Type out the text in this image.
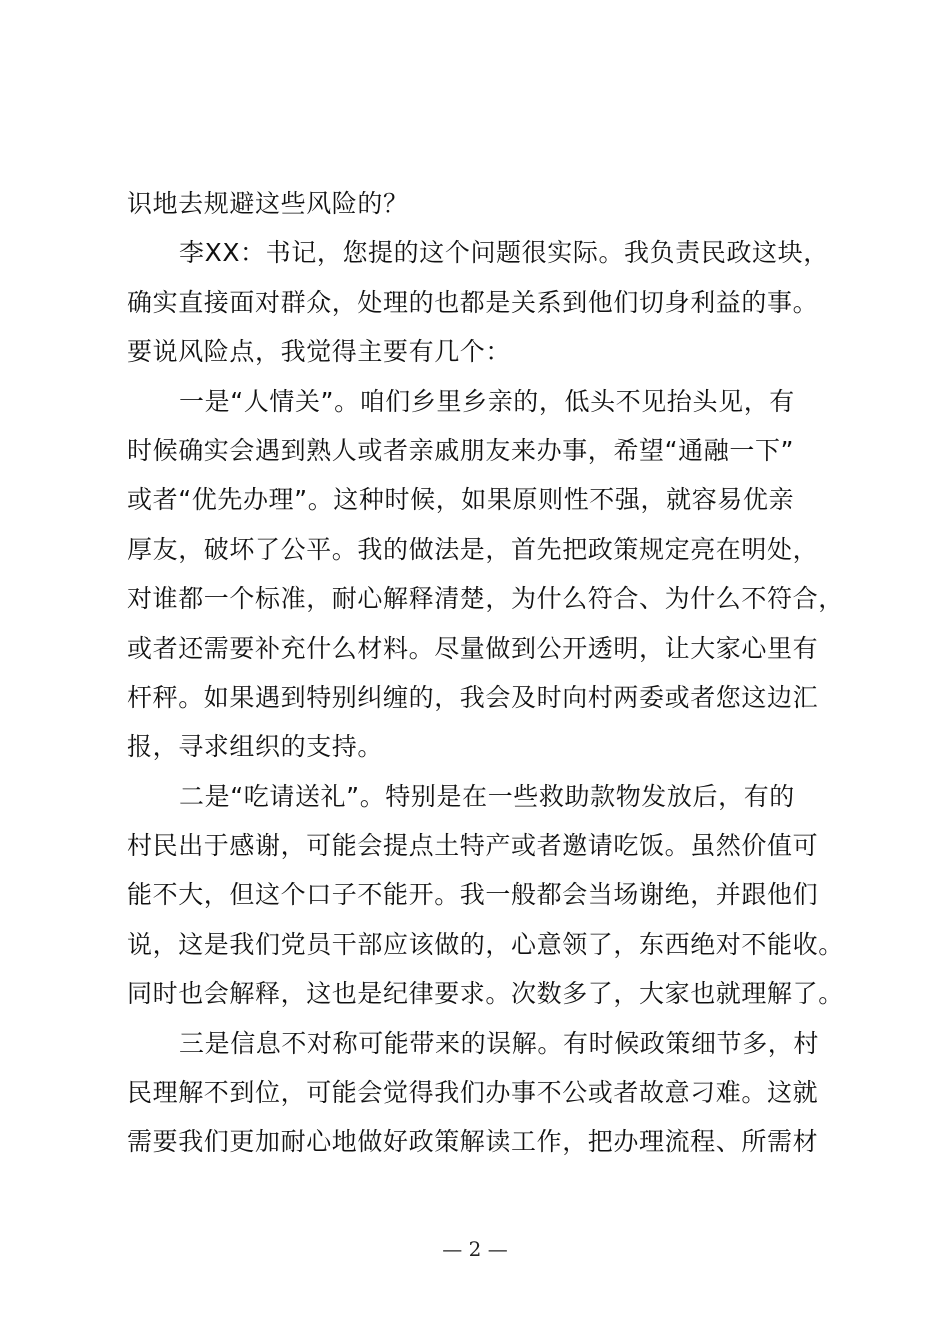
识地去规避这些风险的？
李XX：书记，您提的这个问题很实际。我负责民政这块，
确实直接面对群众，处理的也都是关系到他们切身利益的事。
要说风险点，我觉得主要有几个：
一是“人情关”。咱们乡里乡亲的，低头不见抬头见，有
时候确实会遇到熟人或者亲戚朋友来办事，希望“通融一下”
或者“优先办理”。这种时候，如果原则性不强，就容易优亲
厚友，破坏了公平。我的做法是，首先把政策规定亮在明处，
对谁都一个标准，耐心解释清楚，为什么符合、为什么不符合，
或者还需要补充什么材料。尽量做到公开透明，让大家心里有
杆秤。如果遇到特别纠缠的，我会及时向村两委或者您这边汇
报，寻求组织的支持。
二是“吃请送礼”。特别是在一些救助款物发放后，有的
村民出于感谢，可能会提点土特产或者邀请吃饭。虽然价值可
能不大，但这个口子不能开。我一般都会当场谢绝，并跟他们
说，这是我们党员干部应该做的，心意领了，东西绝对不能收。
同时也会解释，这也是纪律要求。次数多了，大家也就理解了。
三是信息不对称可能带来的误解。有时候政策细节多，村
民理解不到位，可能会觉得我们办事不公或者故意刁难。这就
需要我们更加耐心地做好政策解读工作，把办理流程、所需材
— 2 —
